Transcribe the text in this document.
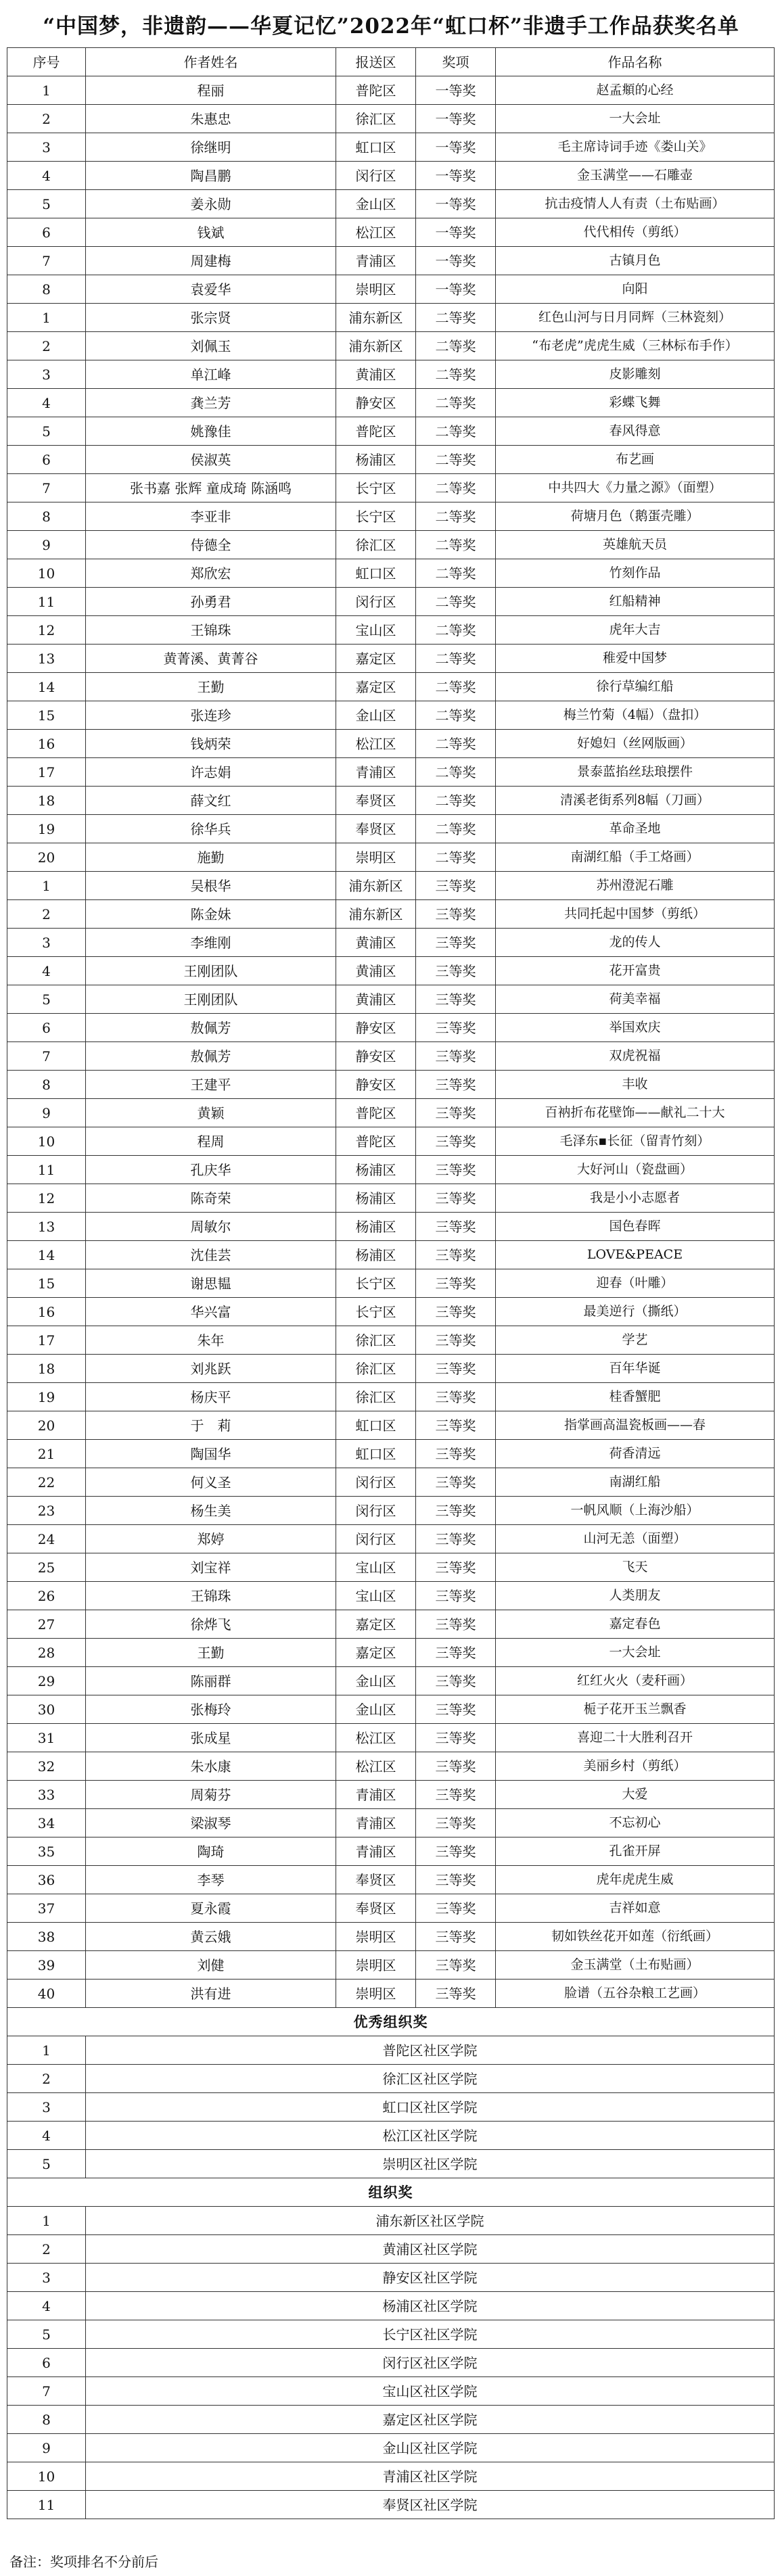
“中国梦，非遗韵——华夏记忆”2022年“虹口杯”非遗手工作品获奖名单
序号	作者姓名	报送区	奖项	作品名称
1	程丽	普陀区	一等奖	赵孟頫的心经
2	朱惠忠	徐汇区	一等奖	一大会址
3	徐继明	虹口区	一等奖	毛主席诗词手迹《娄山关》
4	陶昌鹏	闵行区	一等奖	金玉满堂——石雕壶
5	姜永勋	金山区	一等奖	抗击疫情人人有责（土布贴画）
6	钱斌	松江区	一等奖	代代相传（剪纸）
7	周建梅	青浦区	一等奖	古镇月色
8	袁爱华	崇明区	一等奖	向阳
1	张宗贤	浦东新区	二等奖	红色山河与日月同辉（三林瓷刻）
2	刘佩玉	浦东新区	二等奖	“布老虎”虎虎生威（三林标布手作）
3	单江峰	黄浦区	二等奖	皮影雕刻
4	龚兰芳	静安区	二等奖	彩蝶飞舞
5	姚豫佳	普陀区	二等奖	春风得意
6	侯淑英	杨浦区	二等奖	布艺画
7	张书嘉 张辉 童成琦 陈涵鸣	长宁区	二等奖	中共四大《力量之源》（面塑）
8	李亚非	长宁区	二等奖	荷塘月色（鹅蛋壳雕）
9	侍德全	徐汇区	二等奖	英雄航天员
10	郑欣宏	虹口区	二等奖	竹刻作品
11	孙勇君	闵行区	二等奖	红船精神
12	王锦珠	宝山区	二等奖	虎年大吉
13	黄菁溪、黄菁谷	嘉定区	二等奖	稚爱中国梦
14	王勤	嘉定区	二等奖	徐行草编红船
15	张连珍	金山区	二等奖	梅兰竹菊（4幅）（盘扣）
16	钱炳荣	松江区	二等奖	好媳妇（丝网版画）
17	许志娟	青浦区	二等奖	景泰蓝掐丝珐琅摆件
18	薛文红	奉贤区	二等奖	清溪老街系列8幅（刀画）
19	徐华兵	奉贤区	二等奖	革命圣地
20	施勤	崇明区	二等奖	南湖红船（手工烙画）
1	吴根华	浦东新区	三等奖	苏州澄泥石雕
2	陈金妹	浦东新区	三等奖	共同托起中国梦（剪纸）
3	李维刚	黄浦区	三等奖	龙的传人
4	王刚团队	黄浦区	三等奖	花开富贵
5	王刚团队	黄浦区	三等奖	荷美幸福
6	敖佩芳	静安区	三等奖	举国欢庆
7	敖佩芳	静安区	三等奖	双虎祝福
8	王建平	静安区	三等奖	丰收
9	黄颖	普陀区	三等奖	百衲折布花壁饰——献礼二十大
10	程周	普陀区	三等奖	毛泽东▪长征（留青竹刻）
11	孔庆华	杨浦区	三等奖	大好河山（瓷盘画）
12	陈奇荣	杨浦区	三等奖	我是小小志愿者
13	周敏尔	杨浦区	三等奖	国色春晖
14	沈佳芸	杨浦区	三等奖	LOVE&PEACE
15	谢思韫	长宁区	三等奖	迎春（叶雕）
16	华兴富	长宁区	三等奖	最美逆行（撕纸）
17	朱年	徐汇区	三等奖	学艺
18	刘兆跃	徐汇区	三等奖	百年华诞
19	杨庆平	徐汇区	三等奖	桂香蟹肥
20	于　莉	虹口区	三等奖	指掌画高温瓷板画——春
21	陶国华	虹口区	三等奖	荷香清远
22	何义圣	闵行区	三等奖	南湖红船
23	杨生美	闵行区	三等奖	一帆风顺（上海沙船）
24	郑婷	闵行区	三等奖	山河无恙（面塑）
25	刘宝祥	宝山区	三等奖	飞天
26	王锦珠	宝山区	三等奖	人类朋友
27	徐烨飞	嘉定区	三等奖	嘉定春色
28	王勤	嘉定区	三等奖	一大会址
29	陈丽群	金山区	三等奖	红红火火（麦秆画）
30	张梅玲	金山区	三等奖	栀子花开玉兰飘香
31	张成星	松江区	三等奖	喜迎二十大胜利召开
32	朱水康	松江区	三等奖	美丽乡村（剪纸）
33	周菊芬	青浦区	三等奖	大爱
34	梁淑琴	青浦区	三等奖	不忘初心
35	陶琦	青浦区	三等奖	孔雀开屏
36	李琴	奉贤区	三等奖	虎年虎虎生威
37	夏永霞	奉贤区	三等奖	吉祥如意
38	黄云娥	崇明区	三等奖	韧如铁丝花开如莲（衍纸画）
39	刘健	崇明区	三等奖	金玉满堂（土布贴画）
40	洪有进	崇明区	三等奖	脸谱（五谷杂粮工艺画）
优秀组织奖				
1	普陀区社区学院			
2	徐汇区社区学院			
3	虹口区社区学院			
4	松江区社区学院			
5	崇明区社区学院			
组织奖				
1	浦东新区社区学院			
2	黄浦区社区学院			
3	静安区社区学院			
4	杨浦区社区学院			
5	长宁区社区学院			
6	闵行区社区学院			
7	宝山区社区学院			
8	嘉定区社区学院			
9	金山区社区学院			
10	青浦区社区学院			
11	奉贤区社区学院			
备注：奖项排名不分前后
